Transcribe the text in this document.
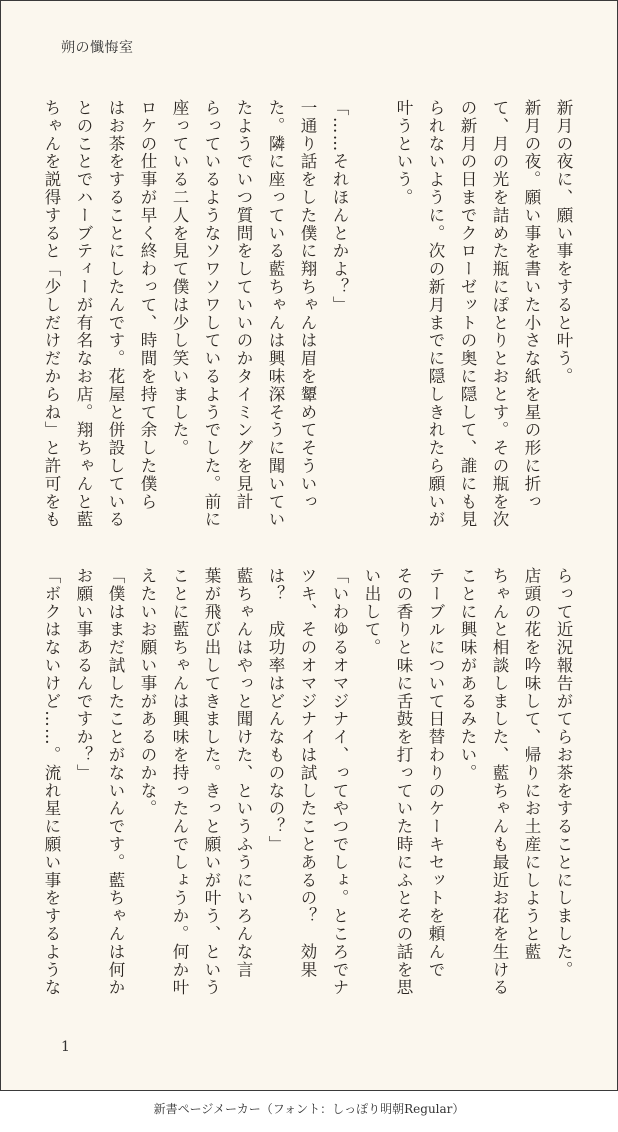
朔の懺悔室

新月の夜に、願い事をすると叶う。

新月の夜。願い事を書いた小さな紙を星の形に折っ

て、月の光を詰めた瓶にぽとりとおとす。その瓶を次

の新月の日までクローゼットの奥に隠して、誰にも見

られないように。次の新月までに隠しきれたら願いが

叶うという。

「……それほんとかよ？」

一通り話をした僕に翔ちゃんは眉を顰めてそういっ

た。隣に座っている藍ちゃんは興味深そうに聞いてい

たようでいつ質問をしていいのかタイミングを見計

らっているようなソワソワしているようでした。前に

座っている二人を見て僕は少し笑いました。

ロケの仕事が早く終わって、時間を持て余した僕ら

はお茶をすることにしたんです。花屋と併設している

とのことでハーブティーが有名なお店。翔ちゃんと藍

ちゃんを説得すると「少しだけだからね」と許可をも

らって近況報告がてらお茶をすることにしました。

店頭の花を吟味して、帰りにお土産にしようと藍

ちゃんと相談しました、藍ちゃんも最近お花を生ける

ことに興味があるみたい。

テーブルについて日替わりのケーキセットを頼んで

その香りと味に舌鼓を打っていた時にふとその話を思

い出して。

「いわゆるオマジナイ、ってやつでしょ。ところでナ

ツキ、そのオマジナイは試したことあるの？　効果

は？　成功率はどんなものなの？」

藍ちゃんはやっと聞けた、というふうにいろんな言

葉が飛び出してきました。きっと願いが叶う、という

ことに藍ちゃんは興味を持ったんでしょうか。何か叶

えたいお願い事があるのかな。

「僕はまだ試したことがないんです。藍ちゃんは何か

お願い事あるんですか？」

「ボクはないけど……。流れ星に願い事をするような

1
新書ページメーカー（フォント：しっぽり明朝Regular）
